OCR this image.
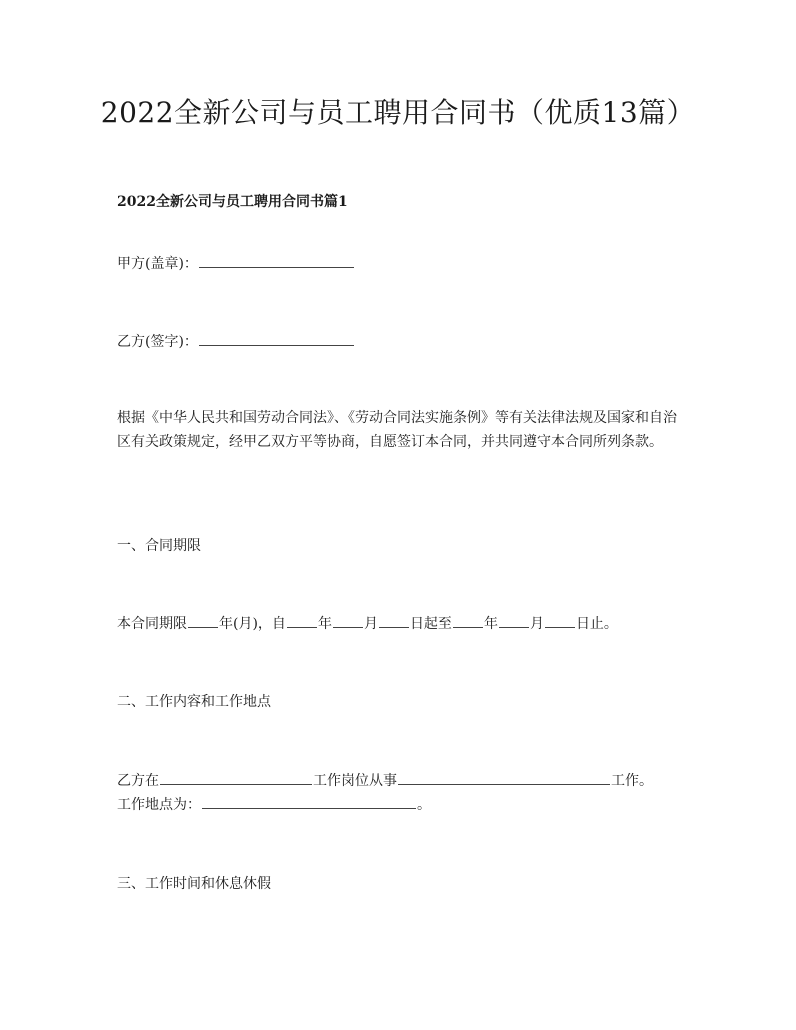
2022全新公司与员工聘用合同书（优质13篇）

2022全新公司与员工聘用合同书篇1

甲方(盖章)：
乙方(签字)：

根据《中华人民共和国劳动合同法》、《劳动合同法实施条例》等有关法律法规及国家和自治区有关政策规定，经甲乙双方平等协商，自愿签订本合同，并共同遵守本合同所列条款。

一、合同期限
本合同期限 年(月)，自 年 月 日起至 年 月 日止。
二、工作内容和工作地点
乙方在	工作岗位从事	工作。
工作地点为：	。
三、工作时间和休息休假
